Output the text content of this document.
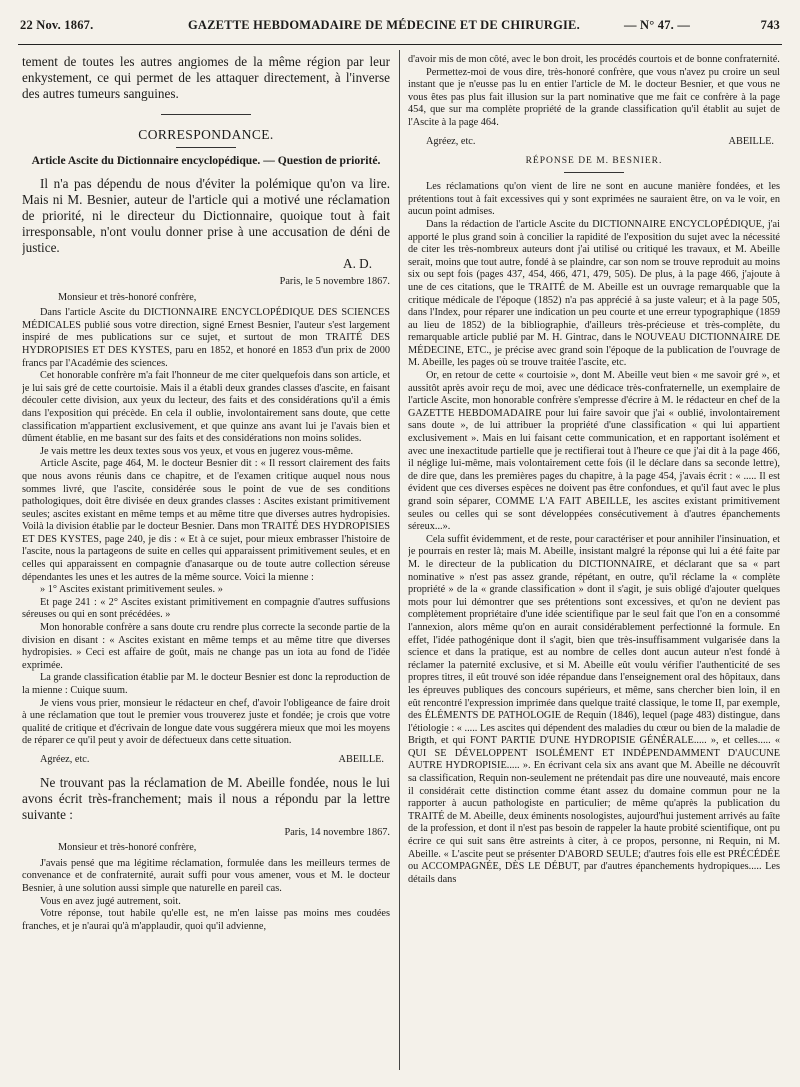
22 Nov. 1867.	GAZETTE HEBDOMADAIRE DE MÉDECINE ET DE CHIRURGIE.	— N° 47. —	743

tement de toutes les autres angiomes de la même région par leur enkystement, ce qui permet de les attaquer directement, à l'inverse des autres tumeurs sanguines.

CORRESPONDANCE.
Article Ascite du Dictionnaire encyclopédique. — Question de priorité.

Il n'a pas dépendu de nous d'éviter la polémique qu'on va lire. Mais ni M. Besnier, auteur de l'article qui a motivé une réclamation de priorité, ni le directeur du Dictionnaire, quoique tout à fait irresponsable, n'ont voulu donner prise à une accusation de déni de justice.

A. D.

Paris, le 5 novembre 1867.

Monsieur et très-honoré confrère,

Dans l'article Ascite du DICTIONNAIRE ENCYCLOPÉDIQUE DES SCIENCES MÉDICALES publié sous votre direction, signé Ernest Besnier, l'auteur s'est largement inspiré de mes publications sur ce sujet, et surtout de mon TRAITÉ DES HYDROPISIES ET DES KYSTES, paru en 1852, et honoré en 1853 d'un prix de 2000 francs par l'Académie des sciences.

Cet honorable confrère m'a fait l'honneur de me citer quelquefois dans son article, et je lui sais gré de cette courtoisie. Mais il a établi deux grandes classes d'ascite, en faisant découler cette division, aux yeux du lecteur, des faits et des considérations qu'il a émis dans l'exposition qui précède. En cela il oublie, involontairement sans doute, que cette classification m'appartient exclusivement, et que quinze ans avant lui je l'avais bien et dûment établie, en me basant sur des faits et des considérations non moins solides.

Je vais mettre les deux textes sous vos yeux, et vous en jugerez vous-même.

Article Ascite, page 464, M. le docteur Besnier dit : « Il ressort clairement des faits que nous avons réunis dans ce chapitre, et de l'examen critique auquel nous nous sommes livré, que l'ascite, considérée sous le point de vue de ses conditions pathologiques, doit être divisée en deux grandes classes : Ascites existant primitivement seules; ascites existant en même temps et au même titre que diverses autres hydropisies. Voilà la division établie par le docteur Besnier. Dans mon TRAITÉ DES HYDROPISIES ET DES KYSTES, page 240, je dis : « Et à ce sujet, pour mieux embrasser l'histoire de l'ascite, nous la partageons de suite en celles qui apparaissent primitivement seules, et en celles qui apparaissent en compagnie d'anasarque ou de toute autre collection séreuse dépendantes les unes et les autres de la même source. Voici la mienne :

» 1° Ascites existant primitivement seules. »

Et page 241 : « 2° Ascites existant primitivement en compagnie d'autres suffusions séreuses ou qui en sont précédées. »

Mon honorable confrère a sans doute cru rendre plus correcte la seconde partie de la division en disant : « Ascites existant en même temps et au même titre que diverses hydropisies. » Ceci est affaire de goût, mais ne change pas un iota au fond de l'idée exprimée.

La grande classification établie par M. le docteur Besnier est donc la reproduction de la mienne : Cuique suum.

Je viens vous prier, monsieur le rédacteur en chef, d'avoir l'obligeance de faire droit à une réclamation que tout le premier vous trouverez juste et fondée; je crois que votre qualité de critique et d'écrivain de longue date vous suggérera mieux que moi les moyens de réparer ce qu'il peut y avoir de défectueux dans cette situation.

Agréez, etc.	ABEILLE.

Ne trouvant pas la réclamation de M. Abeille fondée, nous le lui avons écrit très-franchement; mais il nous a répondu par la lettre suivante :

Paris, 14 novembre 1867.

Monsieur et très-honoré confrère,

J'avais pensé que ma légitime réclamation, formulée dans les meilleurs termes de convenance et de confraternité, aurait suffi pour vous amener, vous et M. le docteur Besnier, à une solution aussi simple que naturelle en pareil cas.

Vous en avez jugé autrement, soit.

Votre réponse, tout habile qu'elle est, ne m'en laisse pas moins mes coudées franches, et je n'aurai qu'à m'applaudir, quoi qu'il advienne,

d'avoir mis de mon côté, avec le bon droit, les procédés courtois et de bonne confraternité.

Permettez-moi de vous dire, très-honoré confrère, que vous n'avez pu croire un seul instant que je n'eusse pas lu en entier l'article de M. le docteur Besnier, et que vous ne vous êtes pas plus fait illusion sur la part nominative que me fait ce confrère à la page 454, que sur ma complète propriété de la grande classification qu'il établit au sujet de l'Ascite à la page 464.

Agréez, etc.	ABEILLE.
RÉPONSE DE M. BESNIER.

Les réclamations qu'on vient de lire ne sont en aucune manière fondées, et les prétentions tout à fait excessives qui y sont exprimées ne sauraient être, on va le voir, en aucun point admises.

Dans la rédaction de l'article Ascite du DICTIONNAIRE ENCYCLOPÉDIQUE, j'ai apporté le plus grand soin à concilier la rapidité de l'exposition du sujet avec la nécessité de citer les très-nombreux auteurs dont j'ai utilisé ou critiqué les travaux, et M. Abeille serait, moins que tout autre, fondé à se plaindre, car son nom se trouve reproduit au moins six ou sept fois (pages 437, 454, 466, 471, 479, 505). De plus, à la page 466, j'ajoute à une de ces citations, que le TRAITÉ de M. Abeille est un ouvrage remarquable que la critique médicale de l'époque (1852) n'a pas apprécié à sa juste valeur; et à la page 505, dans l'Index, pour réparer une indication un peu courte et une erreur typographique (1859 au lieu de 1852) de la bibliographie, d'ailleurs très-précieuse et très-complète, du remarquable article publié par M. H. Gintrac, dans le NOUVEAU DICTIONNAIRE DE MÉDECINE, ETC., je précise avec grand soin l'époque de la publication de l'ouvrage de M. Abeille, les pages où se trouve traitée l'ascite, etc.

Or, en retour de cette « courtoisie », dont M. Abeille veut bien « me savoir gré », et aussitôt après avoir reçu de moi, avec une dédicace très-confraternelle, un exemplaire de l'article Ascite, mon honorable confrère s'empresse d'écrire à M. le rédacteur en chef de la GAZETTE HEBDOMADAIRE pour lui faire savoir que j'ai « oublié, involontairement sans doute », de lui attribuer la propriété d'une classification « qui lui appartient exclusivement ». Mais en lui faisant cette communication, et en rapportant isolément et avec une inexactitude partielle que je rectifierai tout à l'heure ce que j'ai dit à la page 466, il néglige lui-même, mais volontairement cette fois (il le déclare dans sa seconde lettre), de dire que, dans les premières pages du chapitre, à la page 454, j'avais écrit : « ..... Il est évident que ces diverses espèces ne doivent pas être confondues, et qu'il faut avec le plus grand soin séparer, COMME L'A FAIT ABEILLE, les ascites existant primitivement seules ou celles qui se sont développées consécutivement à d'autres épanchements séreux...».

Cela suffit évidemment, et de reste, pour caractériser et pour annihiler l'insinuation, et je pourrais en rester là; mais M. Abeille, insistant malgré la réponse qui lui a été faite par M. le directeur de la publication du DICTIONNAIRE, et déclarant que sa « part nominative » n'est pas assez grande, répétant, en outre, qu'il réclame la « complète propriété » de la « grande classification » dont il s'agit, je suis obligé d'ajouter quelques mots pour lui démontrer que ses prétentions sont excessives, et qu'on ne devient pas complètement propriétaire d'une idée scientifique par le seul fait que l'on en a consommé l'annexion, alors même qu'on en aurait considérablement perfectionné la formule. En effet, l'idée pathogénique dont il s'agit, bien que très-insuffisamment vulgarisée dans la science et dans la pratique, est au nombre de celles dont aucun auteur n'est fondé à réclamer la paternité exclusive, et si M. Abeille eût voulu vérifier l'authenticité de ses propres titres, il eût trouvé son idée répandue dans l'enseignement oral des hôpitaux, dans les épreuves publiques des concours supérieurs, et même, sans chercher bien loin, il en eût rencontré l'expression imprimée dans quelque traité classique, le tome II, par exemple, des ÉLÉMENTS DE PATHOLOGIE de Requin (1846), lequel (page 483) distingue, dans l'étiologie : « ..... Les ascites qui dépendent des maladies du cœur ou bien de la maladie de Brigth, et qui FONT PARTIE D'UNE HYDROPISIE GÉNÉRALE..... », et celles..... « QUI SE DÉVELOPPENT ISOLÉMENT ET INDÉPENDAMMENT D'AUCUNE AUTRE HYDROPISIE..... ». En écrivant cela six ans avant que M. Abeille ne découvrît sa classification, Requin non-seulement ne prétendait pas dire une nouveauté, mais encore il considérait cette distinction comme étant assez du domaine commun pour ne la rapporter à aucun pathologiste en particulier; de même qu'après la publication du TRAITÉ de M. Abeille, deux éminents nosologistes, aujourd'hui justement arrivés au faîte de la profession, et dont il n'est pas besoin de rappeler la haute probité scientifique, ont pu écrire ce qui suit sans être astreints à citer, à ce propos, personne, ni Requin, ni M. Abeille. « L'ascite peut se présenter D'ABORD SEULE; d'autres fois elle est PRÉCÉDÉE ou ACCOMPAGNÉE, DÈS LE DÉBUT, par d'autres épanchements hydropiques..... Les détails dans
